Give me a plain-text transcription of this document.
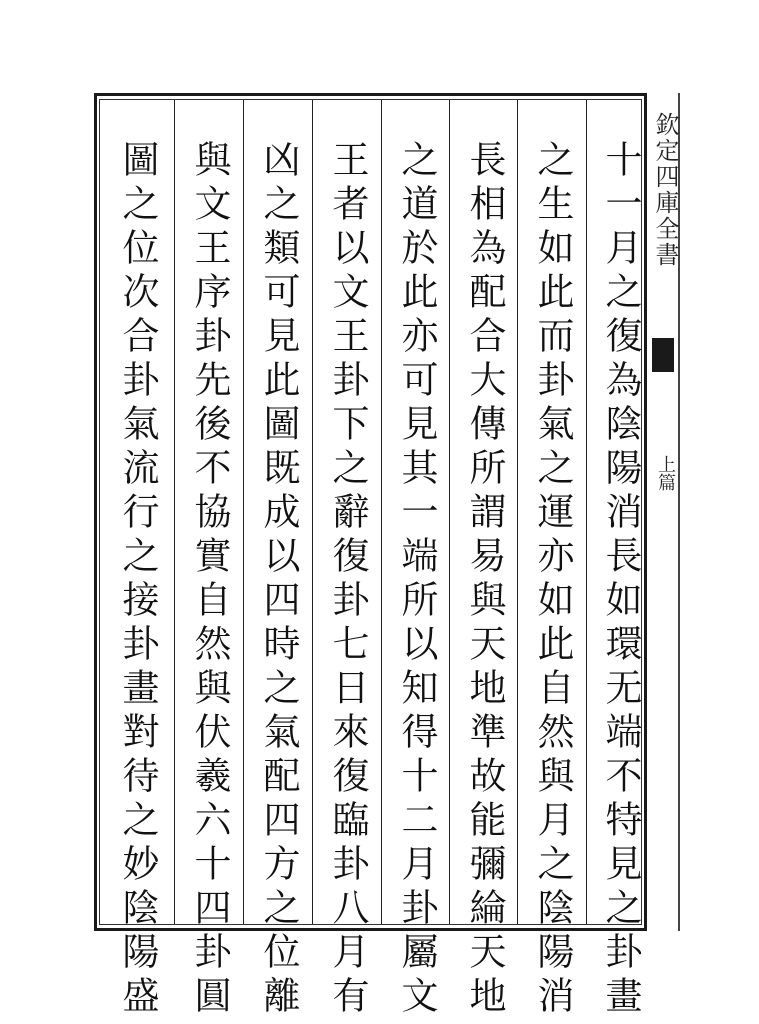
十一月之復為陰陽消長如環无端不特見之卦畫
之生如此而卦氣之運亦如此自然與月之陰陽消
長相為配合大傳所謂易與天地準故能彌綸天地
之道於此亦可見其一端所以知得十二月卦屬文
王者以文王卦下之辭復卦七日來復臨卦八月有
凶之類可見此圖既成以四時之氣配四方之位離
與文王序卦先後不協實自然與伏羲六十四卦圓
圖之位次合卦氣流行之接卦畫對待之妙陰陽盛	欽定四庫全書
上篇
